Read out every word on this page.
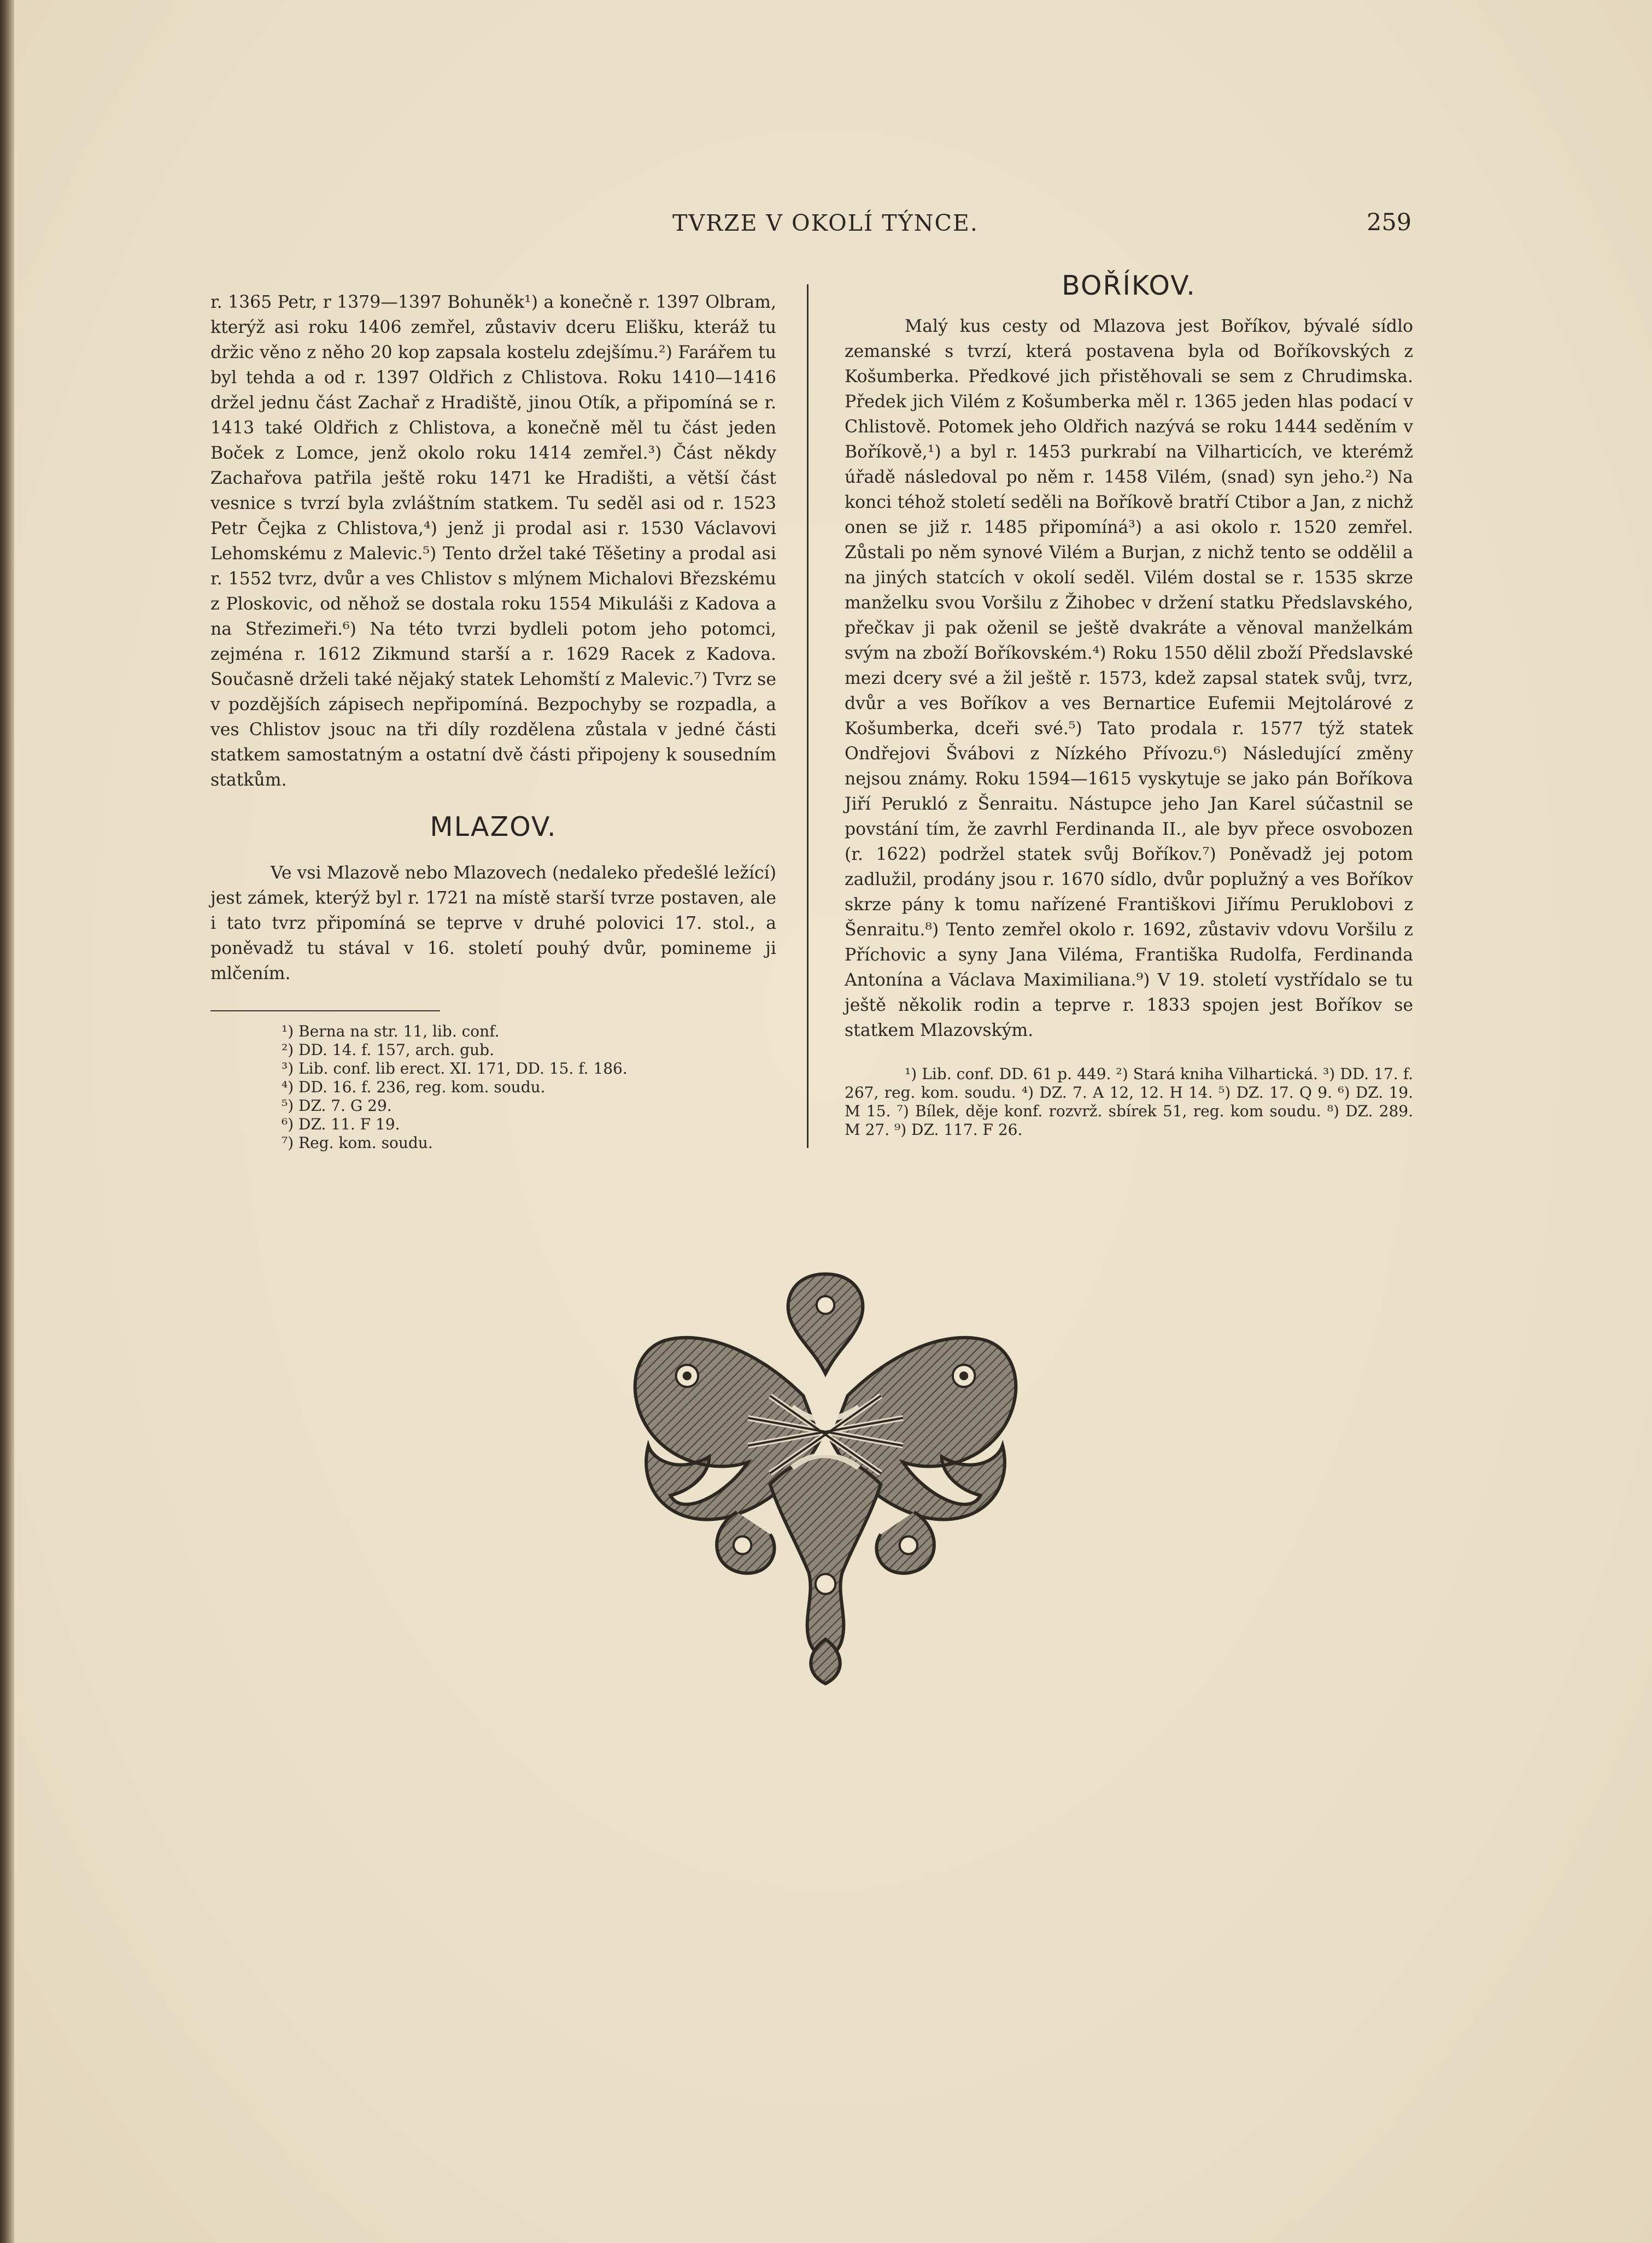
TVRZE V OKOLÍ TÝNCE.	259

r. 1365 Petr, r 1379—1397 Bohuněk¹) a konečně r. 1397 Olbram, kterýž asi roku 1406 zemřel, zůstaviv dceru Elišku, kteráž tu držic věno z něho 20 kop zapsala kostelu zdejšímu.²) Farářem tu byl tehda a od r. 1397 Oldřich z Chlistova. Roku 1410—1416 držel jednu část Zachař z Hradiště, jinou Otík, a připomíná se r. 1413 také Oldřich z Chlistova, a konečně měl tu část jeden Boček z Lomce, jenž okolo roku 1414 zemřel.³) Část někdy Zachařova patřila ještě roku 1471 ke Hradišti, a větší část vesnice s tvrzí byla zvláštním statkem. Tu seděl asi od r. 1523 Petr Čejka z Chlistova,⁴) jenž ji prodal asi r. 1530 Václavovi Lehomskému z Malevic.⁵) Tento držel také Těšetiny a prodal asi r. 1552 tvrz, dvůr a ves Chlistov s mlýnem Michalovi Březskému z Ploskovic, od něhož se dostala roku 1554 Mikuláši z Kadova a na Střezimeři.⁶) Na této tvrzi bydleli potom jeho potomci, zejména r. 1612 Zikmund starší a r. 1629 Racek z Kadova. Současně drželi také nějaký statek Lehomští z Malevic.⁷) Tvrz se v pozdějších zápisech nepřipomíná. Bezpochyby se rozpadla, a ves Chlistov jsouc na tři díly rozdělena zůstala v jedné části statkem samostatným a ostatní dvě části připojeny k sousedním statkům.

MLAZOV.

Ve vsi Mlazově nebo Mlazovech (nedaleko předešlé ležící) jest zámek, kterýž byl r. 1721 na místě starší tvrze postaven, ale i tato tvrz připomíná se teprve v druhé polovici 17. stol., a poněvadž tu stával v 16. století pouhý dvůr, pomineme ji mlčením.

¹) Berna na str. 11, lib. conf.
²) DD. 14. f. 157, arch. gub.
³) Lib. conf. lib erect. XI. 171, DD. 15. f. 186.
⁴) DD. 16. f. 236, reg. kom. soudu.
⁵) DZ. 7. G 29.
⁶) DZ. 11. F 19.
⁷) Reg. kom. soudu.
BOŘÍKOV.

Malý kus cesty od Mlazova jest Boříkov, bývalé sídlo zemanské s tvrzí, která postavena byla od Boříkovských z Košumberka. Předkové jich přistěhovali se sem z Chrudimska. Předek jich Vilém z Košumberka měl r. 1365 jeden hlas podací v Chlistově. Potomek jeho Oldřich nazývá se roku 1444 seděním v Boříkově,¹) a byl r. 1453 purkrabí na Vilharticích, ve kterémž úřadě následoval po něm r. 1458 Vilém, (snad) syn jeho.²) Na konci téhož století seděli na Boříkově bratří Ctibor a Jan, z nichž onen se již r. 1485 připomíná³) a asi okolo r. 1520 zemřel. Zůstali po něm synové Vilém a Burjan, z nichž tento se oddělil a na jiných statcích v okolí seděl. Vilém dostal se r. 1535 skrze manželku svou Voršilu z Žihobec v držení statku Předslavského, přečkav ji pak oženil se ještě dvakráte a věnoval manželkám svým na zboží Boříkovském.⁴) Roku 1550 dělil zboží Předslavské mezi dcery své a žil ještě r. 1573, kdež zapsal statek svůj, tvrz, dvůr a ves Boříkov a ves Bernartice Eufemii Mejtolárové z Košumberka, dceři své.⁵) Tato prodala r. 1577 týž statek Ondřejovi Švábovi z Nízkého Přívozu.⁶) Následující změny nejsou známy. Roku 1594—1615 vyskytuje se jako pán Boříkova Jiří Perukló z Šenraitu. Nástupce jeho Jan Karel súčastnil se povstání tím, že zavrhl Ferdinanda II., ale byv přece osvobozen (r. 1622) podržel statek svůj Boříkov.⁷) Poněvadž jej potom zadlužil, prodány jsou r. 1670 sídlo, dvůr poplužný a ves Boříkov skrze pány k tomu nařízené Františkovi Jiřímu Peruklobovi z Šenraitu.⁸) Tento zemřel okolo r. 1692, zůstaviv vdovu Voršilu z Příchovic a syny Jana Viléma, Františka Rudolfa, Ferdinanda Antonína a Václava Maximiliana.⁹) V 19. století vystřídalo se tu ještě několik rodin a teprve r. 1833 spojen jest Boříkov se statkem Mlazovským.

¹) Lib. conf. DD. 61 p. 449. ²) Stará kniha Vilhartická. ³) DD. 17. f. 267, reg. kom. soudu. ⁴) DZ. 7. A 12, 12. H 14. ⁵) DZ. 17. Q 9. ⁶) DZ. 19. M 15. ⁷) Bílek, děje konf. rozvrž. sbírek 51, reg. kom soudu. ⁸) DZ. 289. M 27. ⁹) DZ. 117. F 26.
